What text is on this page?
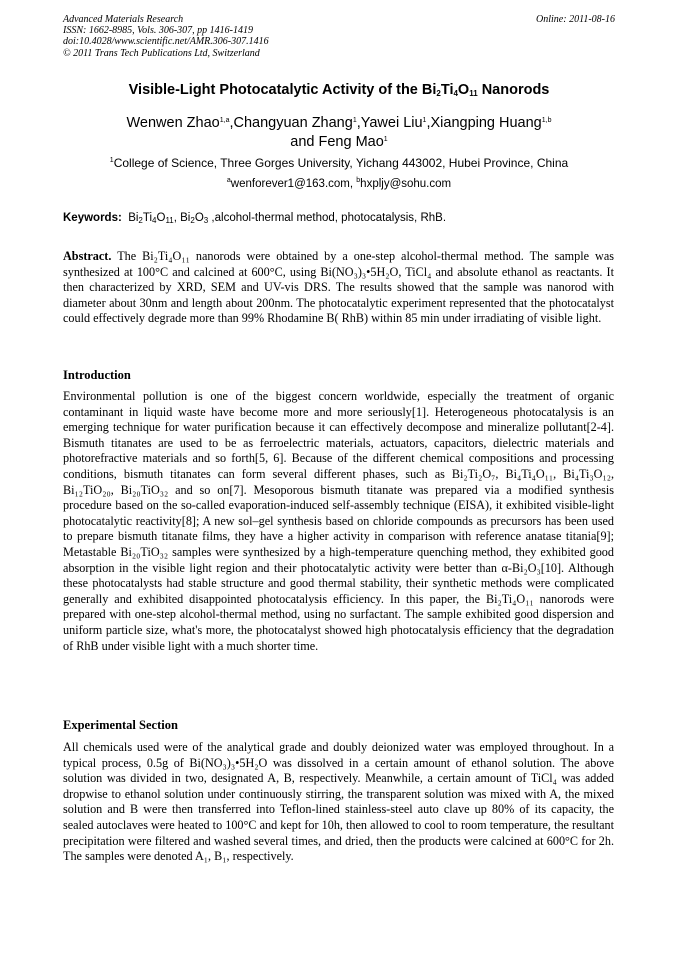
Advanced Materials Research
ISSN: 1662-8985, Vols. 306-307, pp 1416-1419
doi:10.4028/www.scientific.net/AMR.306-307.1416
© 2011 Trans Tech Publications Ltd, Switzerland
Online: 2011-08-16
Visible-Light Photocatalytic Activity of the $Bi_2Ti_4O_{11}$ Nanorods
Wenwen Zhao$^{1,a}$,Changyuan Zhang$^1$,Yawei Liu$^1$,Xiangping Huang$^{1,b}$
and Feng Mao$^1$
$^1$College of Science, Three Gorges University, Yichang 443002, Hubei Province, China
$^a$wenforever1@163.com, $^b$hxpljy@sohu.com
Keywords: $Bi_2Ti_4O_{11}$, $Bi_2O_3$ ,alcohol-thermal method, photocatalysis, RhB.
Abstract. The Bi₂Ti₄O₁₁ nanorods were obtained by a one-step alcohol-thermal method. The sample was synthesized at 100°C and calcined at 600°C, using Bi(NO₃)₃•5H₂O, TiCl₄ and absolute ethanol as reactants. It then characterized by XRD, SEM and UV-vis DRS. The results showed that the sample was nanorod with diameter about 30nm and length about 200nm. The photocatalytic experiment represented that the photocatalyst could effectively degrade more than 99% Rhodamine B( RhB) within 85 min under irradiating of visible light.
Introduction
Environmental pollution is one of the biggest concern worldwide, especially the treatment of organic contaminant in liquid waste have become more and more seriously[1]. Heterogeneous photocatalysis is an emerging technique for water purification because it can effectively decompose and mineralize pollutant[2-4]. Bismuth titanates are used to be as ferroelectric materials, actuators, capacitors, dielectric materials and photorefractive materials and so forth[5, 6]. Because of the different chemical compositions and processing conditions, bismuth titanates can form several different phases, such as Bi₂Ti₂O₇, Bi₄Ti₄O₁₁, Bi₄Ti₃O₁₂, Bi₁₂TiO₂₀, Bi₂₀TiO₃₂ and so on[7]. Mesoporous bismuth titanate was prepared via a modified synthesis procedure based on the so-called evaporation-induced self-assembly technique (EISA), it exhibited visible-light photocatalytic reactivity[8]; A new sol–gel synthesis based on chloride compounds as precursors has been used to prepare bismuth titanate films, they have a higher activity in comparison with reference anatase titania[9]; Metastable Bi₂₀TiO₃₂ samples were synthesized by a high-temperature quenching method, they exhibited good absorption in the visible light region and their photocatalytic activity were better than α-Bi₂O₃[10]. Although these photocatalysts had stable structure and good thermal stability, their synthetic methods were complicated generally and exhibited disappointed photocatalysis efficiency. In this paper, the Bi₂Ti₄O₁₁ nanorods were prepared with one-step alcohol-thermal method, using no surfactant. The sample exhibited good dispersion and uniform particle size, what's more, the photocatalyst showed high photocatalysis efficiency that the degradation of RhB under visible light with a much shorter time.
Experimental Section
All chemicals used were of the analytical grade and doubly deionized water was employed throughout. In a typical process, 0.5g of Bi(NO₃)₃•5H₂O was dissolved in a certain amount of ethanol solution. The above solution was divided in two, designated A, B, respectively. Meanwhile, a certain amount of TiCl₄ was added dropwise to ethanol solution under continuously stirring, the transparent solution was mixed with A, the mixed solution and B were then transferred into Teflon-lined stainless-steel auto clave up 80% of its capacity, the sealed autoclaves were heated to 100°C and kept for 10h, then allowed to cool to room temperature, the resultant precipitation were filtered and washed several times, and dried, then the products were calcined at 600°C for 2h. The samples were denoted A₁, B₁, respectively.
